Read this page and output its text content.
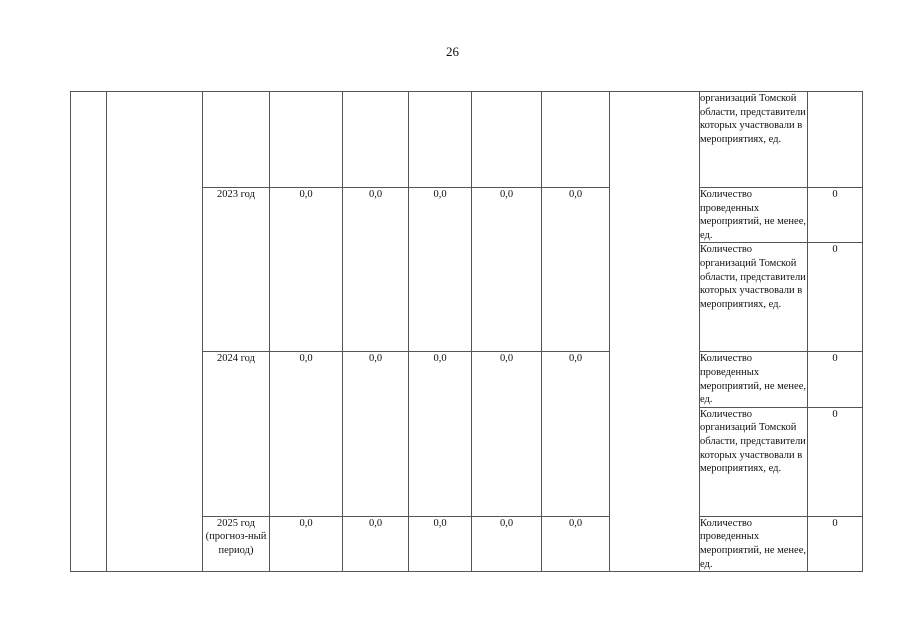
26
									организаций Томской области, представители которых участвовали в мероприятиях, ед.	
		2023 год	0,0	0,0	0,0	0,0	0,0		Количество проведенных мероприятий, не менее, ед.	0
									Количество организаций Томской области, представители которых участвовали в мероприятиях, ед.	0
		2024 год	0,0	0,0	0,0	0,0	0,0		Количество проведенных мероприятий, не менее, ед.	0
									Количество организаций Томской области, представители которых участвовали в мероприятиях, ед.	0
		2025 год (прогноз-ный период)	0,0	0,0	0,0	0,0	0,0		Количество проведенных мероприятий, не менее, ед.	0
